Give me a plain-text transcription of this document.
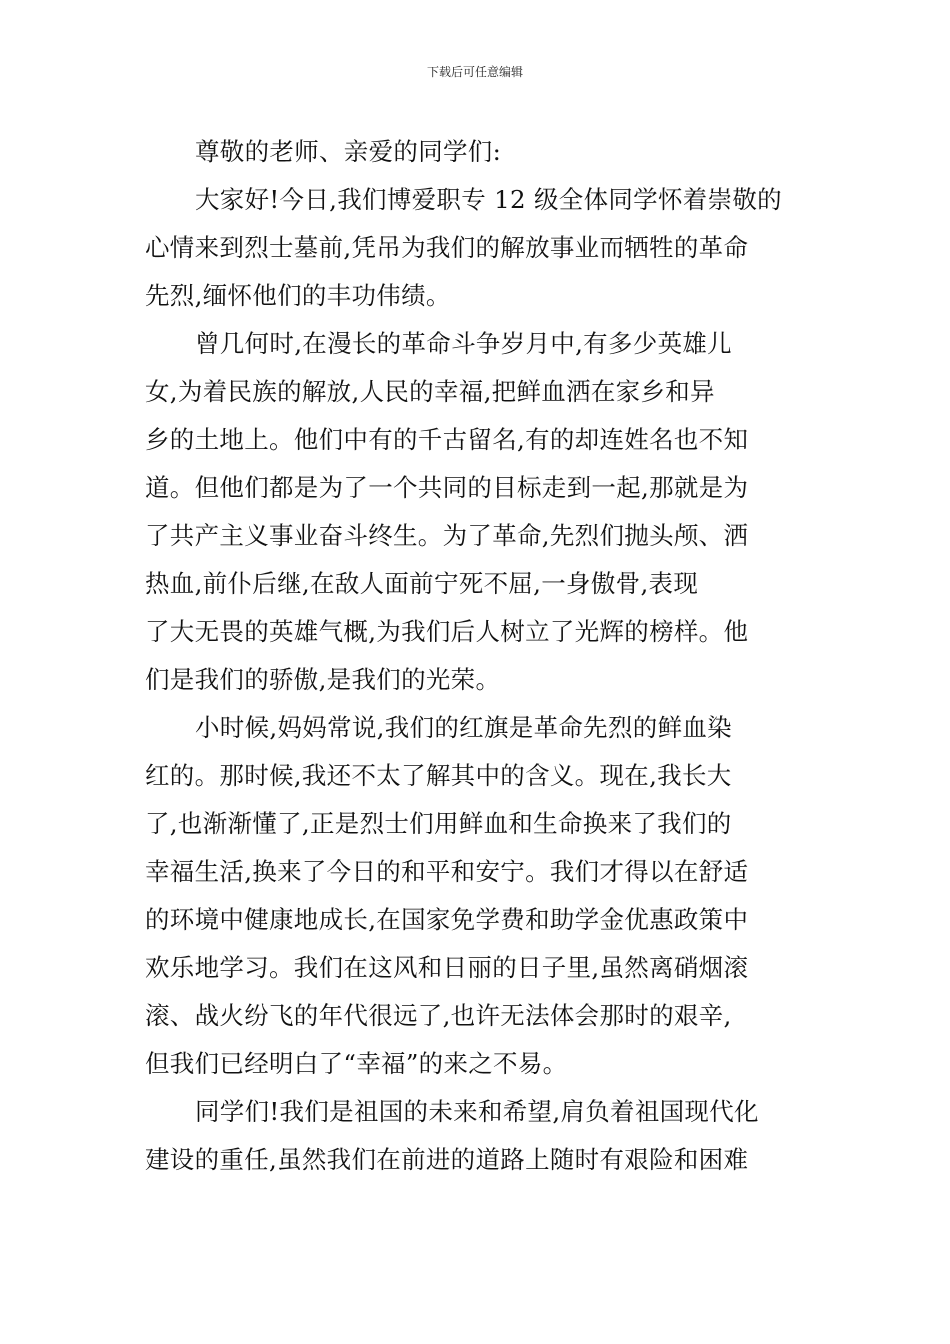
下载后可任意编辑
尊敬的老师、亲爱的同学们:
大家好!今日,我们博爱职专 12 级全体同学怀着崇敬的
心情来到烈士墓前,凭吊为我们的解放事业而牺牲的革命
先烈,缅怀他们的丰功伟绩。
曾几何时,在漫长的革命斗争岁月中,有多少英雄儿
女,为着民族的解放,人民的幸福,把鲜血洒在家乡和异
乡的土地上。他们中有的千古留名,有的却连姓名也不知
道。但他们都是为了一个共同的目标走到一起,那就是为
了共产主义事业奋斗终生。为了革命,先烈们抛头颅、洒
热血,前仆后继,在敌人面前宁死不屈,一身傲骨,表现
了大无畏的英雄气概,为我们后人树立了光辉的榜样。他
们是我们的骄傲,是我们的光荣。
小时候,妈妈常说,我们的红旗是革命先烈的鲜血染
红的。那时候,我还不太了解其中的含义。现在,我长大
了,也渐渐懂了,正是烈士们用鲜血和生命换来了我们的
幸福生活,换来了今日的和平和安宁。我们才得以在舒适
的环境中健康地成长,在国家免学费和助学金优惠政策中
欢乐地学习。我们在这风和日丽的日子里,虽然离硝烟滚
滚、战火纷飞的年代很远了,也许无法体会那时的艰辛,
但我们已经明白了“幸福”的来之不易。
同学们!我们是祖国的未来和希望,肩负着祖国现代化
建设的重任,虽然我们在前进的道路上随时有艰险和困难
